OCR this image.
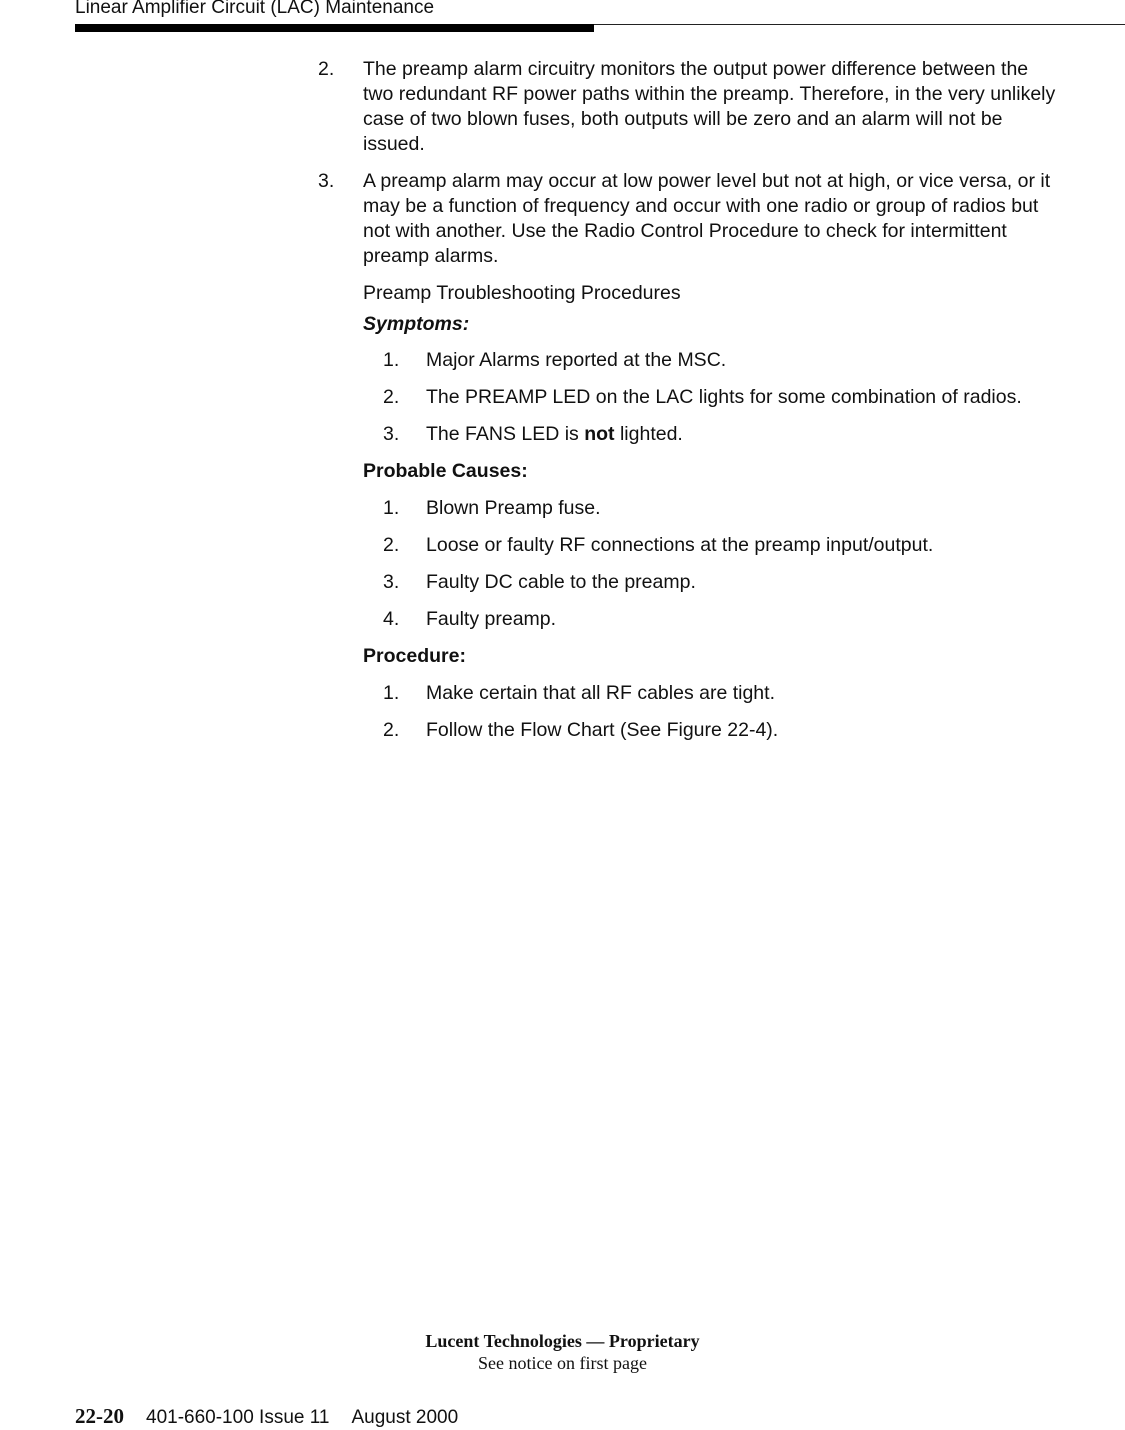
Linear Amplifier Circuit (LAC) Maintenance
2.	The preamp alarm circuitry monitors the output power difference between the two redundant RF power paths within the preamp. Therefore, in the very unlikely case of two blown fuses, both outputs will be zero and an alarm will not be issued.
3.	A preamp alarm may occur at low power level but not at high, or vice versa, or it may be a function of frequency and occur with one radio or group of radios but not with another. Use the Radio Control Procedure to check for intermittent preamp alarms.
Preamp Troubleshooting Procedures
Symptoms:
1.	Major Alarms reported at the MSC.
2.	The PREAMP LED on the LAC lights for some combination of radios.
3.	The FANS LED is not lighted.
Probable Causes:
1.	Blown Preamp fuse.
2.	Loose or faulty RF connections at the preamp input/output.
3.	Faulty DC cable to the preamp.
4.	Faulty preamp.
Procedure:
1.	Make certain that all RF cables are tight.
2.	Follow the Flow Chart (See Figure 22-4).
Lucent Technologies — Proprietary
See notice on first page
22-20 401-660-100 Issue 11 August 2000
